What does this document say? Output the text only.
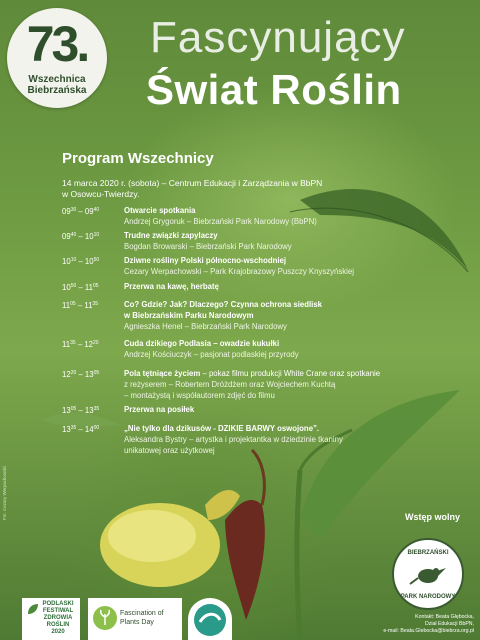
73.
Wszechnica
Biebrzańska
Fascynujący
Świat Roślin
Program Wszechnicy
14 marca 2020 r. (sobota) – Centrum Edukacji i Zarządzania w BbPN
w Osowcu-Twierdzy.
$09^{30} - 09^{40}$	Otwarcie spotkania
Andrzej Grygoruk – Biebrzański Park Narodowy (BbPN)
$09^{40} - 10^{10}$	Trudne związki zapylaczy
Bogdan Browarski – Biebrzański Park Narodowy
$10^{10} - 10^{50}$	Dziwne rośliny Polski północno-wschodniej
Cezary Werpachowski – Park Krajobrazowy Puszczy Knyszyńskiej
$10^{50} - 11^{05}$	Przerwa na kawę, herbatę
$11^{05} - 11^{35}$	Co? Gdzie? Jak? Dlaczego? Czynna ochrona siedlisk
w Biebrzańskim Parku Narodowym
Agnieszka Henel – Biebrzański Park Narodowy
$11^{35} - 12^{20}$	Cuda dzikiego Podlasia – owadzie kukułki
Andrzej Kościuczyk – pasjonat podlaskiej przyrody
$12^{20} - 13^{05}$	Pola tętniące życiem – pokaz filmu produkcji White Crane oraz spotkanie
z reżyserem – Robertem Dróżdżem oraz Wojciechem Kuchtą
– montażystą i współautorem zdjęć do filmu
$13^{05} - 13^{35}$	Przerwa na posiłek
$13^{35} - 14^{00}$	„Nie tylko dla dzikusów - DZIKIE BARWY oswojone”.
Aleksandra Bystry – artystka i projektantka w dziedzinie tkaniny
unikatowej oraz użytkowej
Wstęp wolny
BIEBRZAŃSKI
PARK NARODOWY
Kontakt: Beata Głębocka,
Dział Edukacji BbPN,
e-mail: Beata.Glebocka@biebrza.org.pl
Fot. Cezary Werpachowski
PODLASKI
FESTIWAL
ZDROWIA
ROŚLIN
2020
Fascination of
Plants Day
